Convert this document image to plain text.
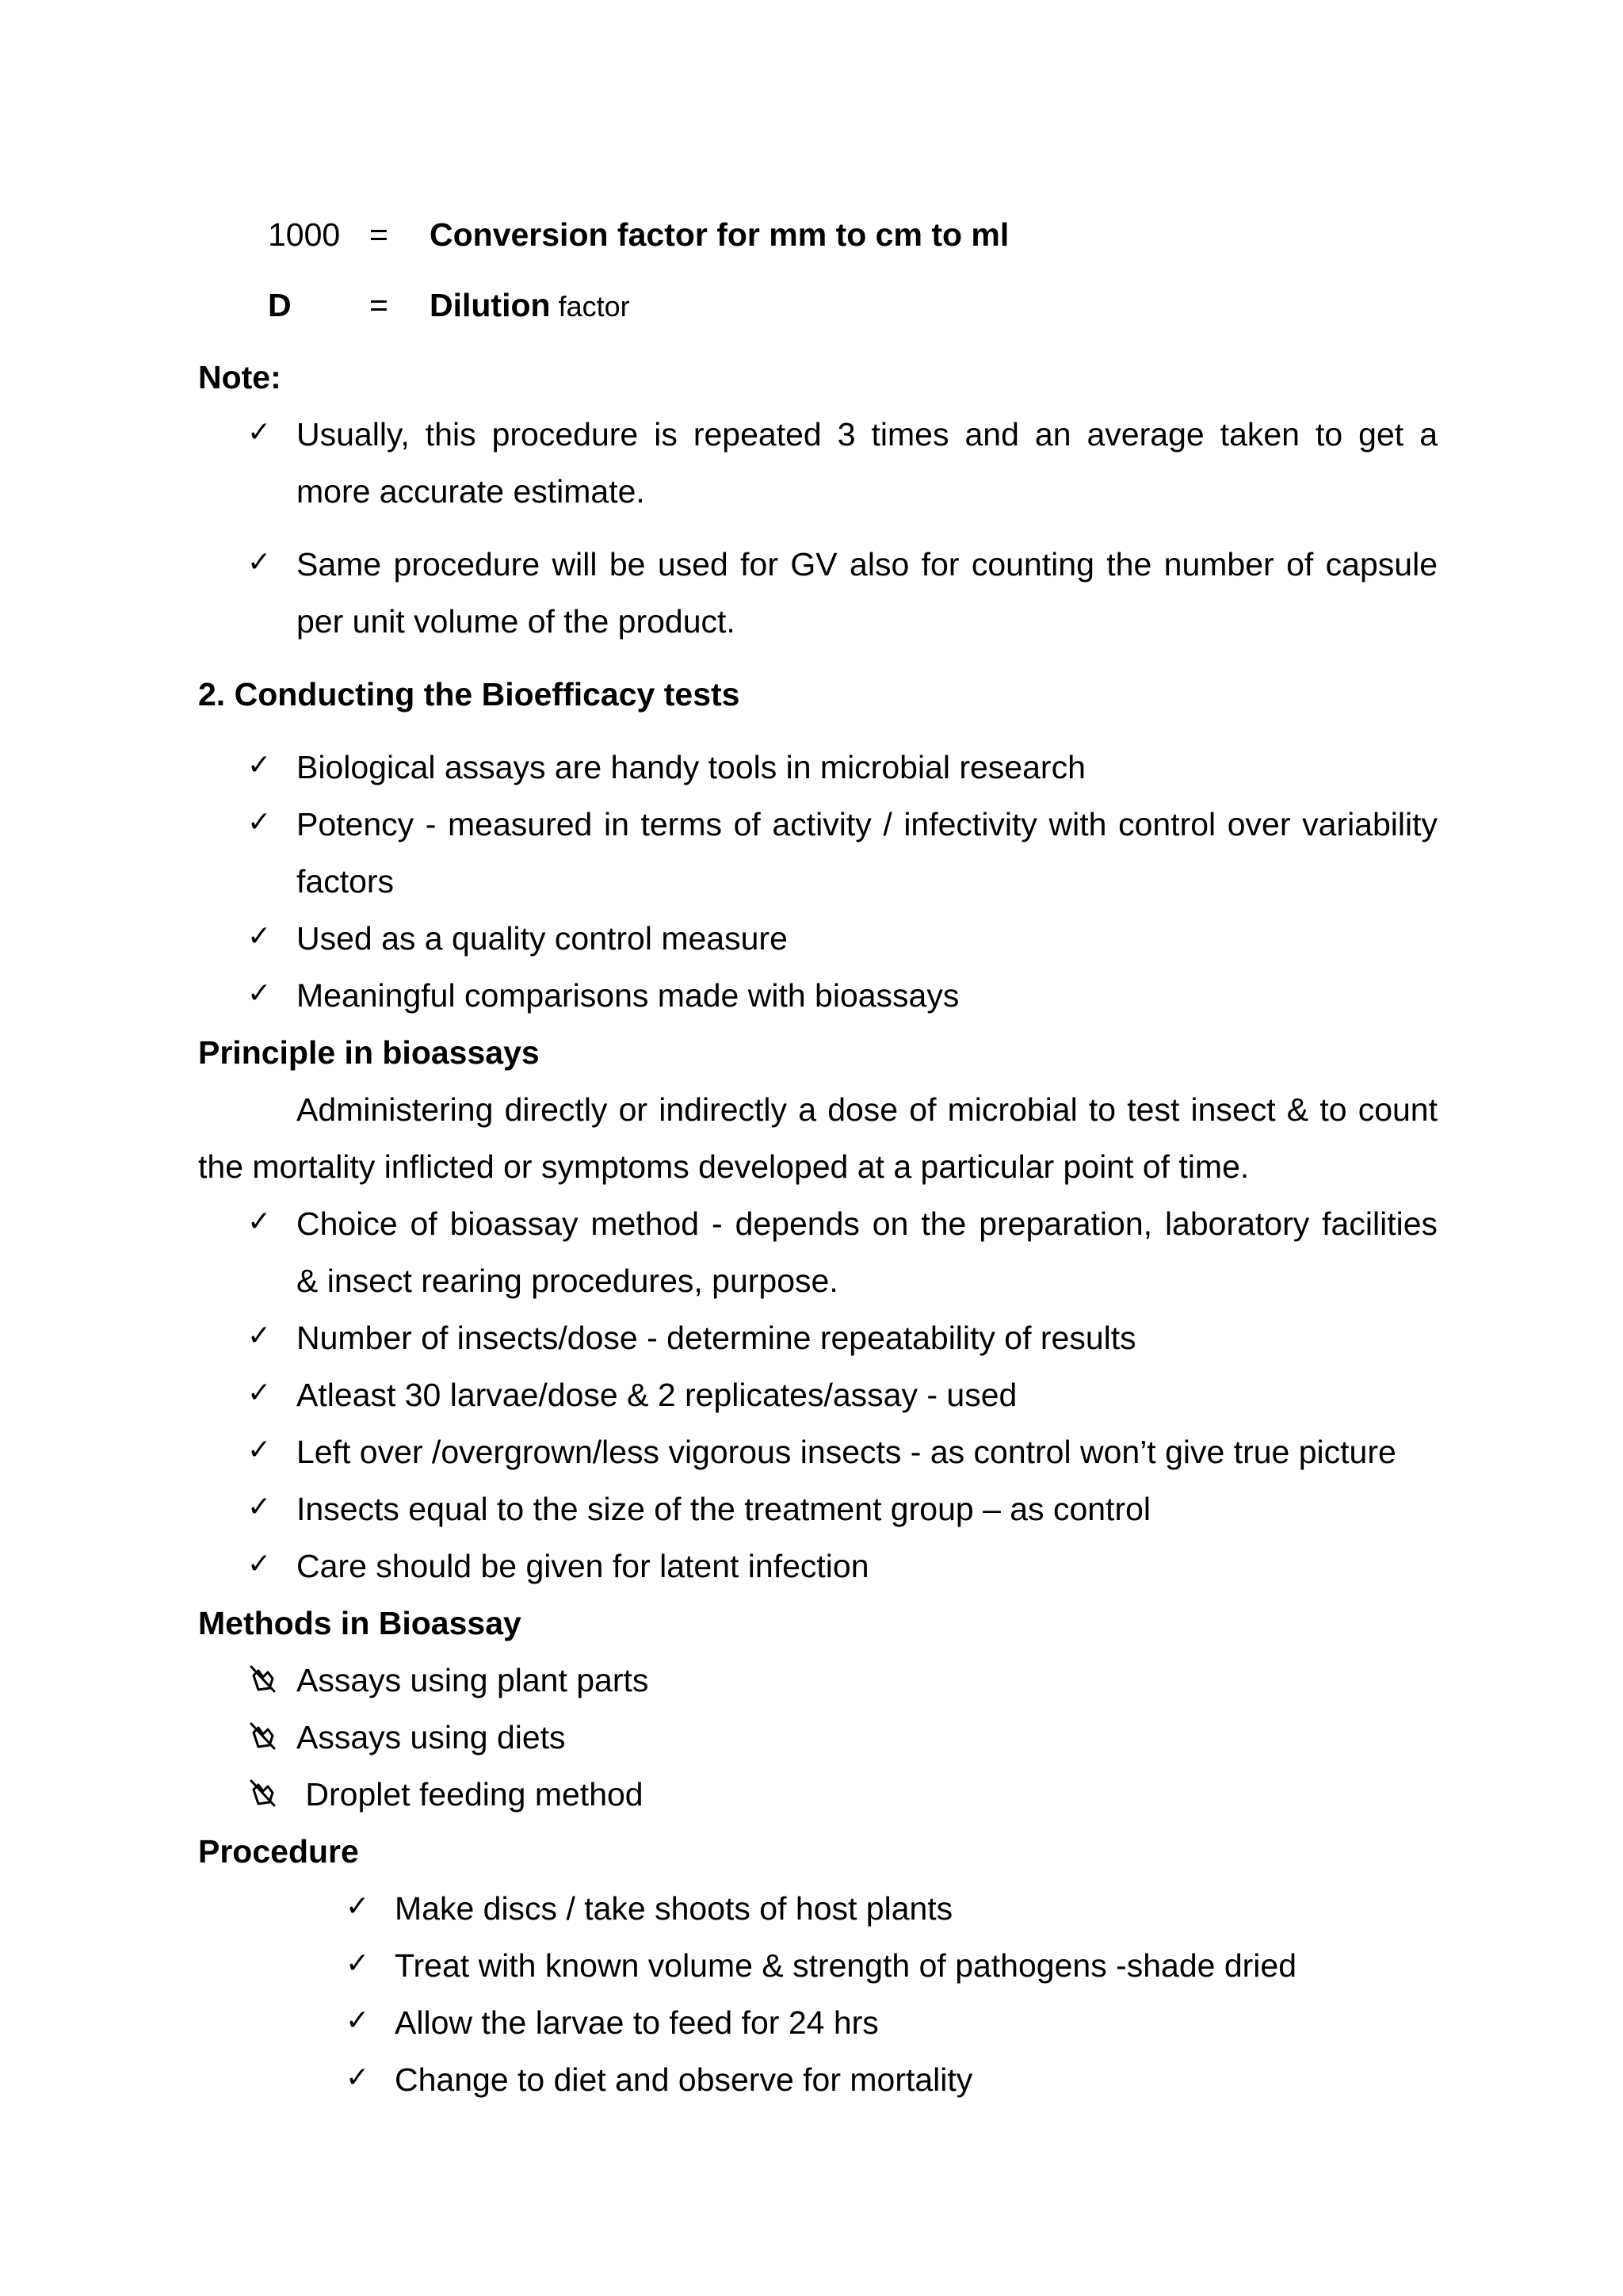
1000 = Conversion factor for mm to cm to ml
D = Dilution factor
Note:
✓ Usually, this procedure is repeated 3 times and an average taken to get a
more accurate estimate.
✓ Same procedure will be used for GV also for counting the number of capsule
per unit volume of the product.
2. Conducting the Bioefficacy tests
✓ Biological assays are handy tools in microbial research
✓ Potency - measured in terms of activity / infectivity with control over variability
factors
✓ Used as a quality control measure
✓ Meaningful comparisons made with bioassays
Principle in bioassays
Administering directly or indirectly a dose of microbial to test insect & to count
the mortality inflicted or symptoms developed at a particular point of time.
✓ Choice of bioassay method - depends on the preparation, laboratory facilities
& insect rearing procedures, purpose.
✓ Number of insects/dose - determine repeatability of results
✓ Atleast 30 larvae/dose & 2 replicates/assay - used
✓ Left over /overgrown/less vigorous insects - as control won’t give true picture
✓ Insects equal to the size of the treatment group – as control
✓ Care should be given for latent infection
Methods in Bioassay
Assays using plant parts
Assays using diets
Droplet feeding method
Procedure
✓ Make discs / take shoots of host plants
✓ Treat with known volume & strength of pathogens -shade dried
✓ Allow the larvae to feed for 24 hrs
✓ Change to diet and observe for mortality
